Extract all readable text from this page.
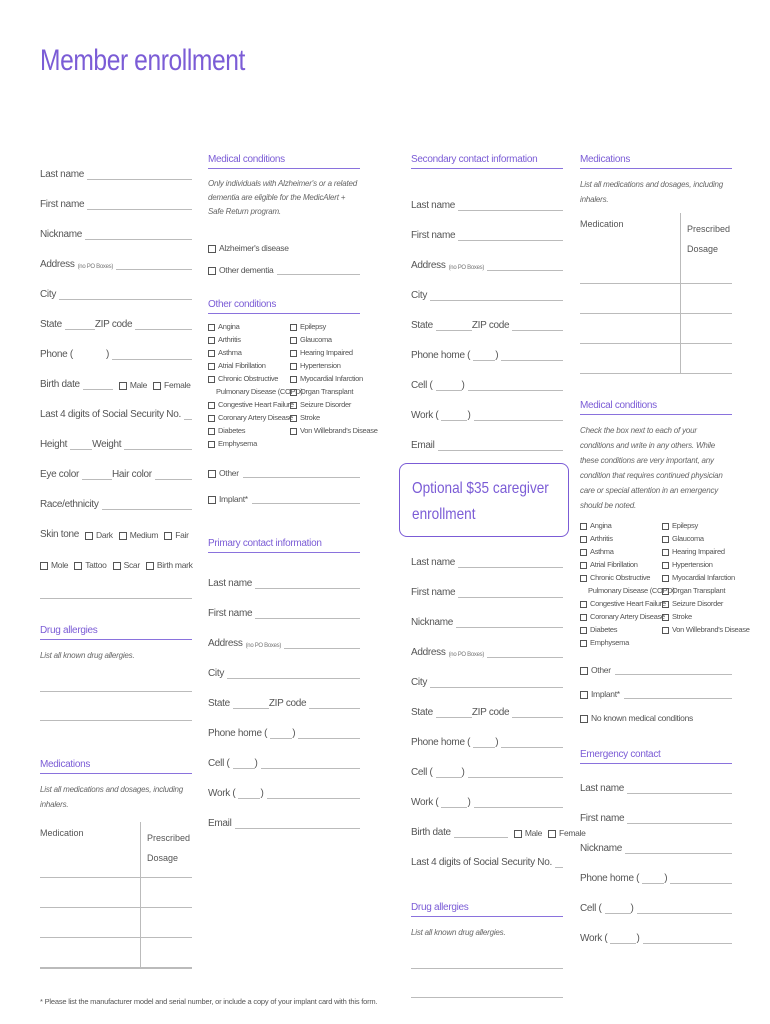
Member enrollment
Last name
First name
Nickname
Address (no PO Boxes)
City
State	ZIP code
Phone (	)
Birth date	Male	Female
Last 4 digits of Social Security No.
Height	Weight
Eye color	Hair color
Race/ethnicity
Skin tone	Dark	Medium	Fair
Mole	Tattoo	Scar	Birth mark
Drug allergies
List all known drug allergies.
Medications
List all medications and dosages, including inhalers.
Medication	Prescribed
Dosage
Medical conditions
Only individuals with Alzheimer's or a related dementia are eligible for the MedicAlert + Safe Return program.
Alzheimer's disease
Other dementia
Other conditions
Angina
Arthritis
Asthma
Atrial Fibrillation
Chronic Obstructive
Pulmonary Disease (COPD)
Congestive Heart Failure
Coronary Artery Disease
Diabetes
Emphysema
Epilepsy
Glaucoma
Hearing Impaired
Hypertension
Myocardial Infarction
Organ Transplant
Seizure Disorder
Stroke
Von Willebrand's Disease
Other
Implant*
Primary contact information
Last name
First name
Address (no PO Boxes)
City
State	ZIP code
Phone home (	)
Cell (	)
Work (	)
Email
Secondary contact information
Last name
First name
Address (no PO Boxes)
City
State	ZIP code
Phone home (	)
Cell (	)
Work (	)
Email
Optional $35 caregiver enrollment
Last name
First name
Nickname
Address (no PO Boxes)
City
State	ZIP code
Phone home (	)
Cell (	)
Work (	)
Birth date	Male	Female
Last 4 digits of Social Security No.
Drug allergies
List all known drug allergies.
Medications
List all medications and dosages, including inhalers.
Medication	Prescribed
Dosage
Medical conditions
Check the box next to each of your conditions and write in any others. While these conditions are very important, any condition that requires continued physician care or special attention in an emergency should be noted.
Angina
Arthritis
Asthma
Atrial Fibrillation
Chronic Obstructive
Pulmonary Disease (COPD)
Congestive Heart Failure
Coronary Artery Disease
Diabetes
Emphysema
Epilepsy
Glaucoma
Hearing Impaired
Hypertension
Myocardial Infarction
Organ Transplant
Seizure Disorder
Stroke
Von Willebrand's Disease
Other
Implant*
No known medical conditions
Emergency contact
Last name
First name
Nickname
Phone home (	)
Cell (	)
Work (	)
* Please list the manufacturer model and serial number, or include a copy of your implant card with this form.
